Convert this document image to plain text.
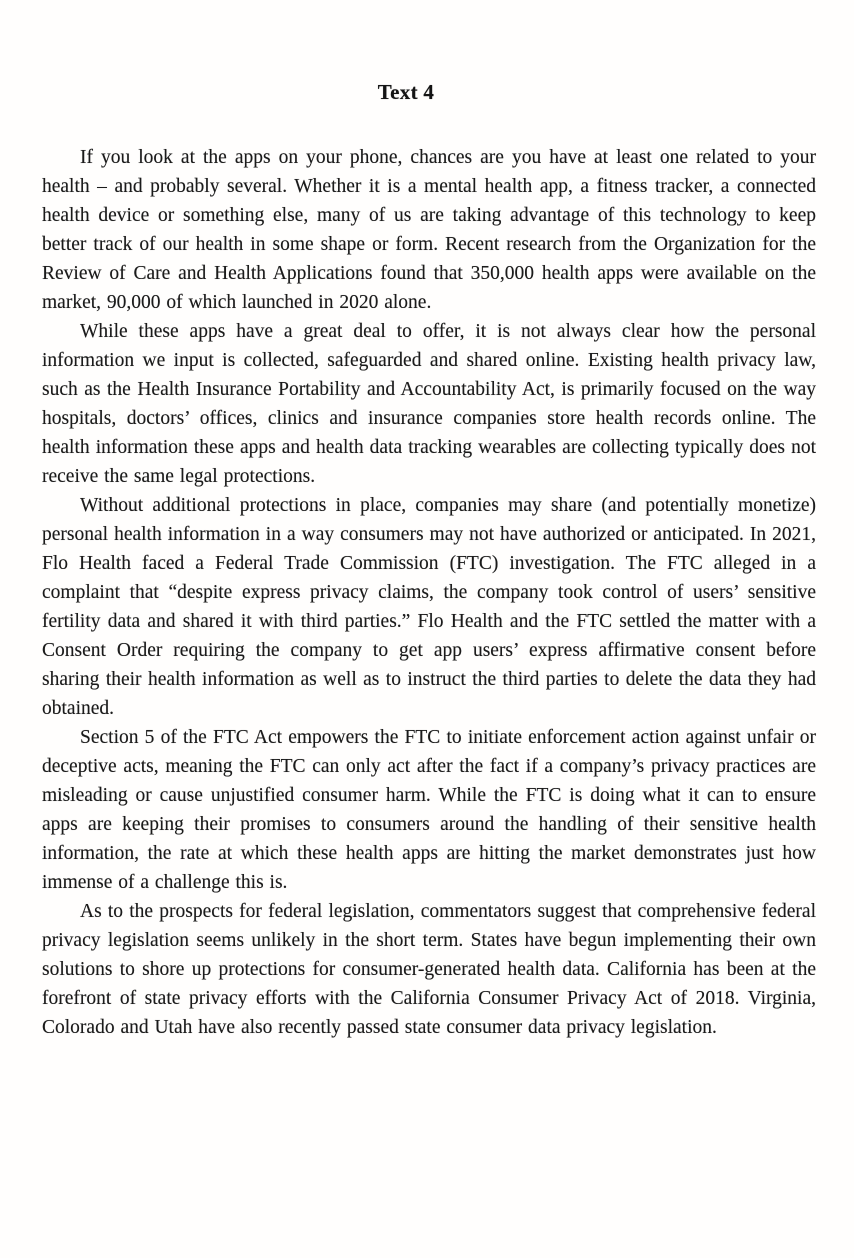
Text 4

If you look at the apps on your phone, chances are you have at least one related to your health – and probably several. Whether it is a mental health app, a fitness tracker, a connected health device or something else, many of us are taking advantage of this technology to keep better track of our health in some shape or form. Recent research from the Organization for the Review of Care and Health Applications found that 350,000 health apps were available on the market, 90,000 of which launched in 2020 alone.

While these apps have a great deal to offer, it is not always clear how the personal information we input is collected, safeguarded and shared online. Existing health privacy law, such as the Health Insurance Portability and Accountability Act, is primarily focused on the way hospitals, doctors’ offices, clinics and insurance companies store health records online. The health information these apps and health data tracking wearables are collecting typically does not receive the same legal protections.

Without additional protections in place, companies may share (and potentially monetize) personal health information in a way consumers may not have authorized or anticipated. In 2021, Flo Health faced a Federal Trade Commission (FTC) investigation. The FTC alleged in a complaint that “despite express privacy claims, the company took control of users’ sensitive fertility data and shared it with third parties.” Flo Health and the FTC settled the matter with a Consent Order requiring the company to get app users’ express affirmative consent before sharing their health information as well as to instruct the third parties to delete the data they had obtained.

Section 5 of the FTC Act empowers the FTC to initiate enforcement action against unfair or deceptive acts, meaning the FTC can only act after the fact if a company’s privacy practices are misleading or cause unjustified consumer harm. While the FTC is doing what it can to ensure apps are keeping their promises to consumers around the handling of their sensitive health information, the rate at which these health apps are hitting the market demonstrates just how immense of a challenge this is.

As to the prospects for federal legislation, commentators suggest that comprehensive federal privacy legislation seems unlikely in the short term. States have begun implementing their own solutions to shore up protections for consumer-generated health data. California has been at the forefront of state privacy efforts with the California Consumer Privacy Act of 2018. Virginia, Colorado and Utah have also recently passed state consumer data privacy legislation.
